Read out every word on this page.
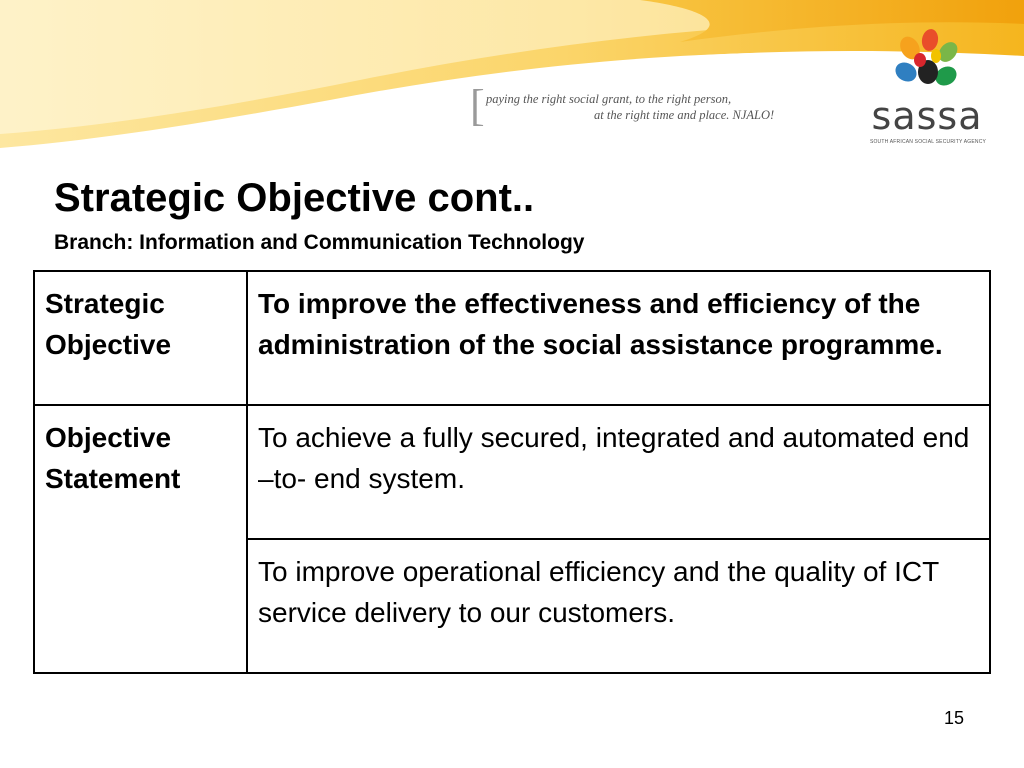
[ paying the right social grant, to the right person,
at the right time and place. NJALO!	sassa
SOUTH AFRICAN SOCIAL SECURITY AGENCY
Strategic Objective cont..
Branch: Information and Communication Technology
Strategic Objective	To improve the effectiveness and efficiency of the administration of the social assistance programme.
Objective Statement	To achieve a fully secured, integrated and automated end –to- end system.
	To improve operational efficiency and the quality of ICT service delivery to our customers.
15
